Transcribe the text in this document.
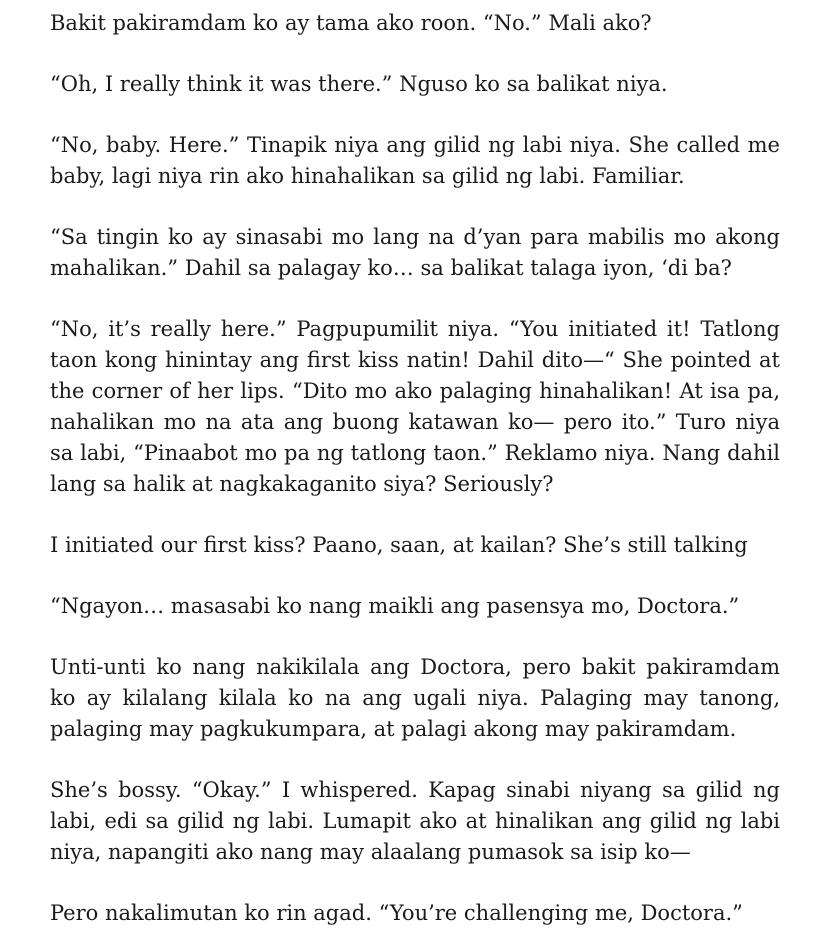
Bakit pakiramdam ko ay tama ako roon. “No.” Mali ako?

“Oh, I really think it was there.” Nguso ko sa balikat niya.

“No, baby. Here.” Tinapik niya ang gilid ng labi niya. She called me baby, lagi niya rin ako hinahalikan sa gilid ng labi. Familiar.

“Sa tingin ko ay sinasabi mo lang na d’yan para mabilis mo akong mahalikan.” Dahil sa palagay ko… sa balikat talaga iyon, ‘di ba?

“No, it’s really here.” Pagpupumilit niya. “You initiated it! Tatlong taon kong hinintay ang first kiss natin! Dahil dito—“ She pointed at the corner of her lips. “Dito mo ako palaging hinahalikan! At isa pa, nahalikan mo na ata ang buong katawan ko— pero ito.” Turo niya sa labi, “Pinaabot mo pa ng tatlong taon.” Reklamo niya. Nang dahil lang sa halik at nagkakaganito siya? Seriously?

I initiated our first kiss? Paano, saan, at kailan? She’s still talking

“Ngayon… masasabi ko nang maikli ang pasensya mo, Doctora.”

Unti-unti ko nang nakikilala ang Doctora, pero bakit pakiramdam ko ay kilalang kilala ko na ang ugali niya. Palaging may tanong, palaging may pagkukumpara, at palagi akong may pakiramdam.

She’s bossy. “Okay.” I whispered. Kapag sinabi niyang sa gilid ng labi, edi sa gilid ng labi. Lumapit ako at hinalikan ang gilid ng labi niya, napangiti ako nang may alaalang pumasok sa isip ko—

Pero nakalimutan ko rin agad. “You’re challenging me, Doctora.”
